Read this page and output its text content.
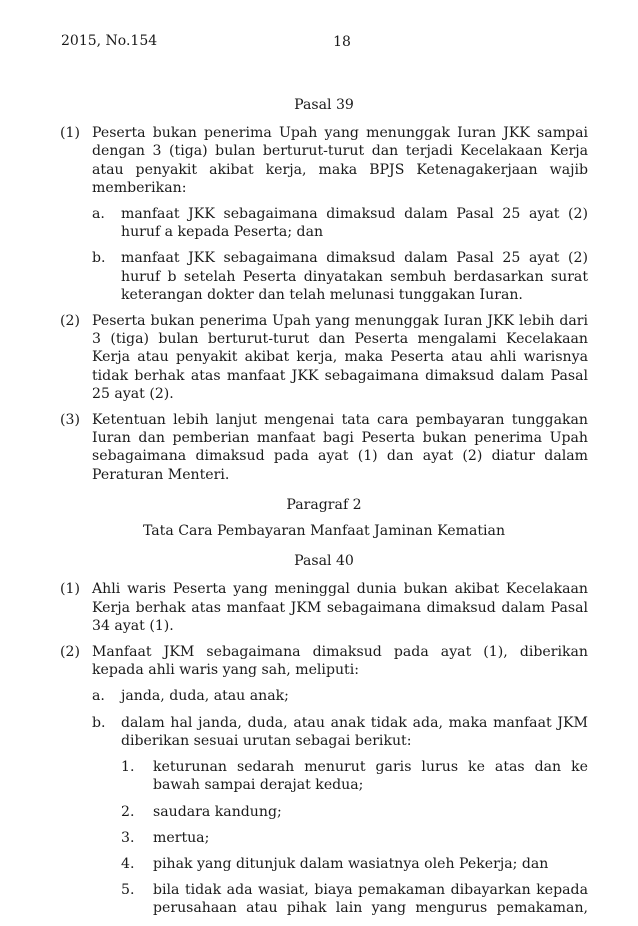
2015, No.154	18
Pasal 39
(1) Peserta bukan penerima Upah yang menunggak Iuran JKK sampai dengan 3 (tiga) bulan berturut-turut dan terjadi Kecelakaan Kerja atau penyakit akibat kerja, maka BPJS Ketenagakerjaan wajib memberikan:
a. manfaat JKK sebagaimana dimaksud dalam Pasal 25 ayat (2) huruf a kepada Peserta; dan
b. manfaat JKK sebagaimana dimaksud dalam Pasal 25 ayat (2) huruf b setelah Peserta dinyatakan sembuh berdasarkan surat keterangan dokter dan telah melunasi tunggakan Iuran.
(2) Peserta bukan penerima Upah yang menunggak Iuran JKK lebih dari 3 (tiga) bulan berturut-turut dan Peserta mengalami Kecelakaan Kerja atau penyakit akibat kerja, maka Peserta atau ahli warisnya tidak berhak atas manfaat JKK sebagaimana dimaksud dalam Pasal 25 ayat (2).
(3) Ketentuan lebih lanjut mengenai tata cara pembayaran tunggakan Iuran dan pemberian manfaat bagi Peserta bukan penerima Upah sebagaimana dimaksud pada ayat (1) dan ayat (2) diatur dalam Peraturan Menteri.
Paragraf 2
Tata Cara Pembayaran Manfaat Jaminan Kematian
Pasal 40
(1) Ahli waris Peserta yang meninggal dunia bukan akibat Kecelakaan Kerja berhak atas manfaat JKM sebagaimana dimaksud dalam Pasal 34 ayat (1).
(2) Manfaat JKM sebagaimana dimaksud pada ayat (1), diberikan kepada ahli waris yang sah, meliputi:
a. janda, duda, atau anak;
b. dalam hal janda, duda, atau anak tidak ada, maka manfaat JKM diberikan sesuai urutan sebagai berikut:
1. keturunan sedarah menurut garis lurus ke atas dan ke bawah sampai derajat kedua;
2. saudara kandung;
3. mertua;
4. pihak yang ditunjuk dalam wasiatnya oleh Pekerja; dan
5. bila tidak ada wasiat, biaya pemakaman dibayarkan kepada perusahaan atau pihak lain yang mengurus pemakaman,
